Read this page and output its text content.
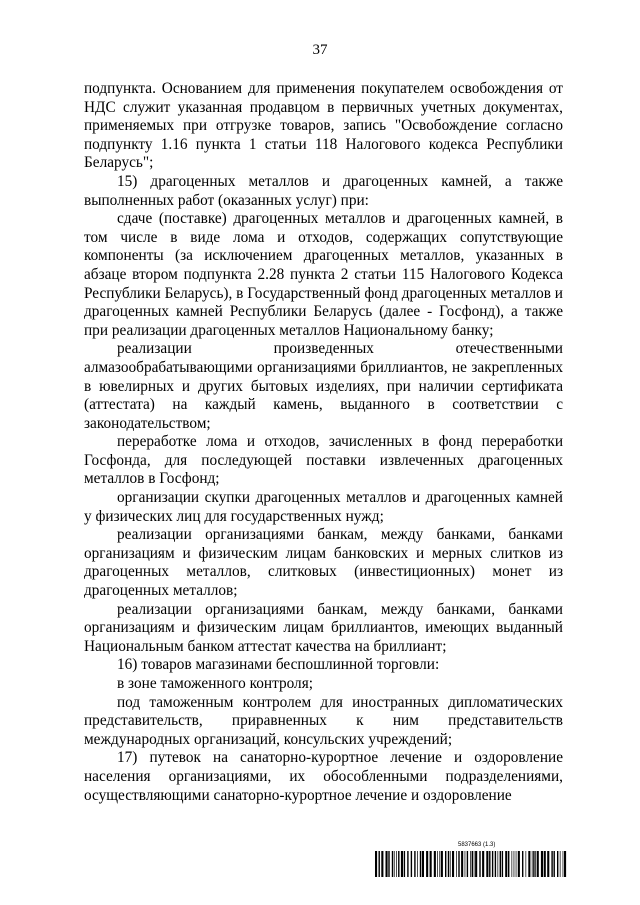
37

подпункта. Основанием для применения покупателем освобождения от НДС служит указанная продавцом в первичных учетных документах, применяемых при отгрузке товаров, запись "Освобождение согласно подпункту 1.16 пункта 1 статьи 118 Налогового кодекса Республики Беларусь";

15) драгоценных металлов и драгоценных камней, а также выполненных работ (оказанных услуг) при:

сдаче (поставке) драгоценных металлов и драгоценных камней, в том числе в виде лома и отходов, содержащих сопутствующие компоненты (за исключением драгоценных металлов, указанных в абзаце втором подпункта 2.28 пункта 2 статьи 115 Налогового Кодекса Республики Беларусь), в Государственный фонд драгоценных металлов и драгоценных камней Республики Беларусь (далее - Госфонд), а также при реализации драгоценных металлов Национальному банку;

реализации произведенных отечественными алмазообрабатывающими организациями бриллиантов, не закрепленных в ювелирных и других бытовых изделиях, при наличии сертификата (аттестата) на каждый камень, выданного в соответствии с законодательством;

переработке лома и отходов, зачисленных в фонд переработки Госфонда, для последующей поставки извлеченных драгоценных металлов в Госфонд;

организации скупки драгоценных металлов и драгоценных камней у физических лиц для государственных нужд;

реализации организациями банкам, между банками, банками организациям и физическим лицам банковских и мерных слитков из драгоценных металлов, слитковых (инвестиционных) монет из драгоценных металлов;

реализации организациями банкам, между банками, банками организациям и физическим лицам бриллиантов, имеющих выданный Национальным банком аттестат качества на бриллиант;

16) товаров магазинами беспошлинной торговли:

в зоне таможенного контроля;

под таможенным контролем для иностранных дипломатических представительств, приравненных к ним представительств международных организаций, консульских учреждений;

17) путевок на санаторно-курортное лечение и оздоровление населения организациями, их обособленными подразделениями, осуществляющими санаторно-курортное лечение и оздоровление

5837663 (1.3)
